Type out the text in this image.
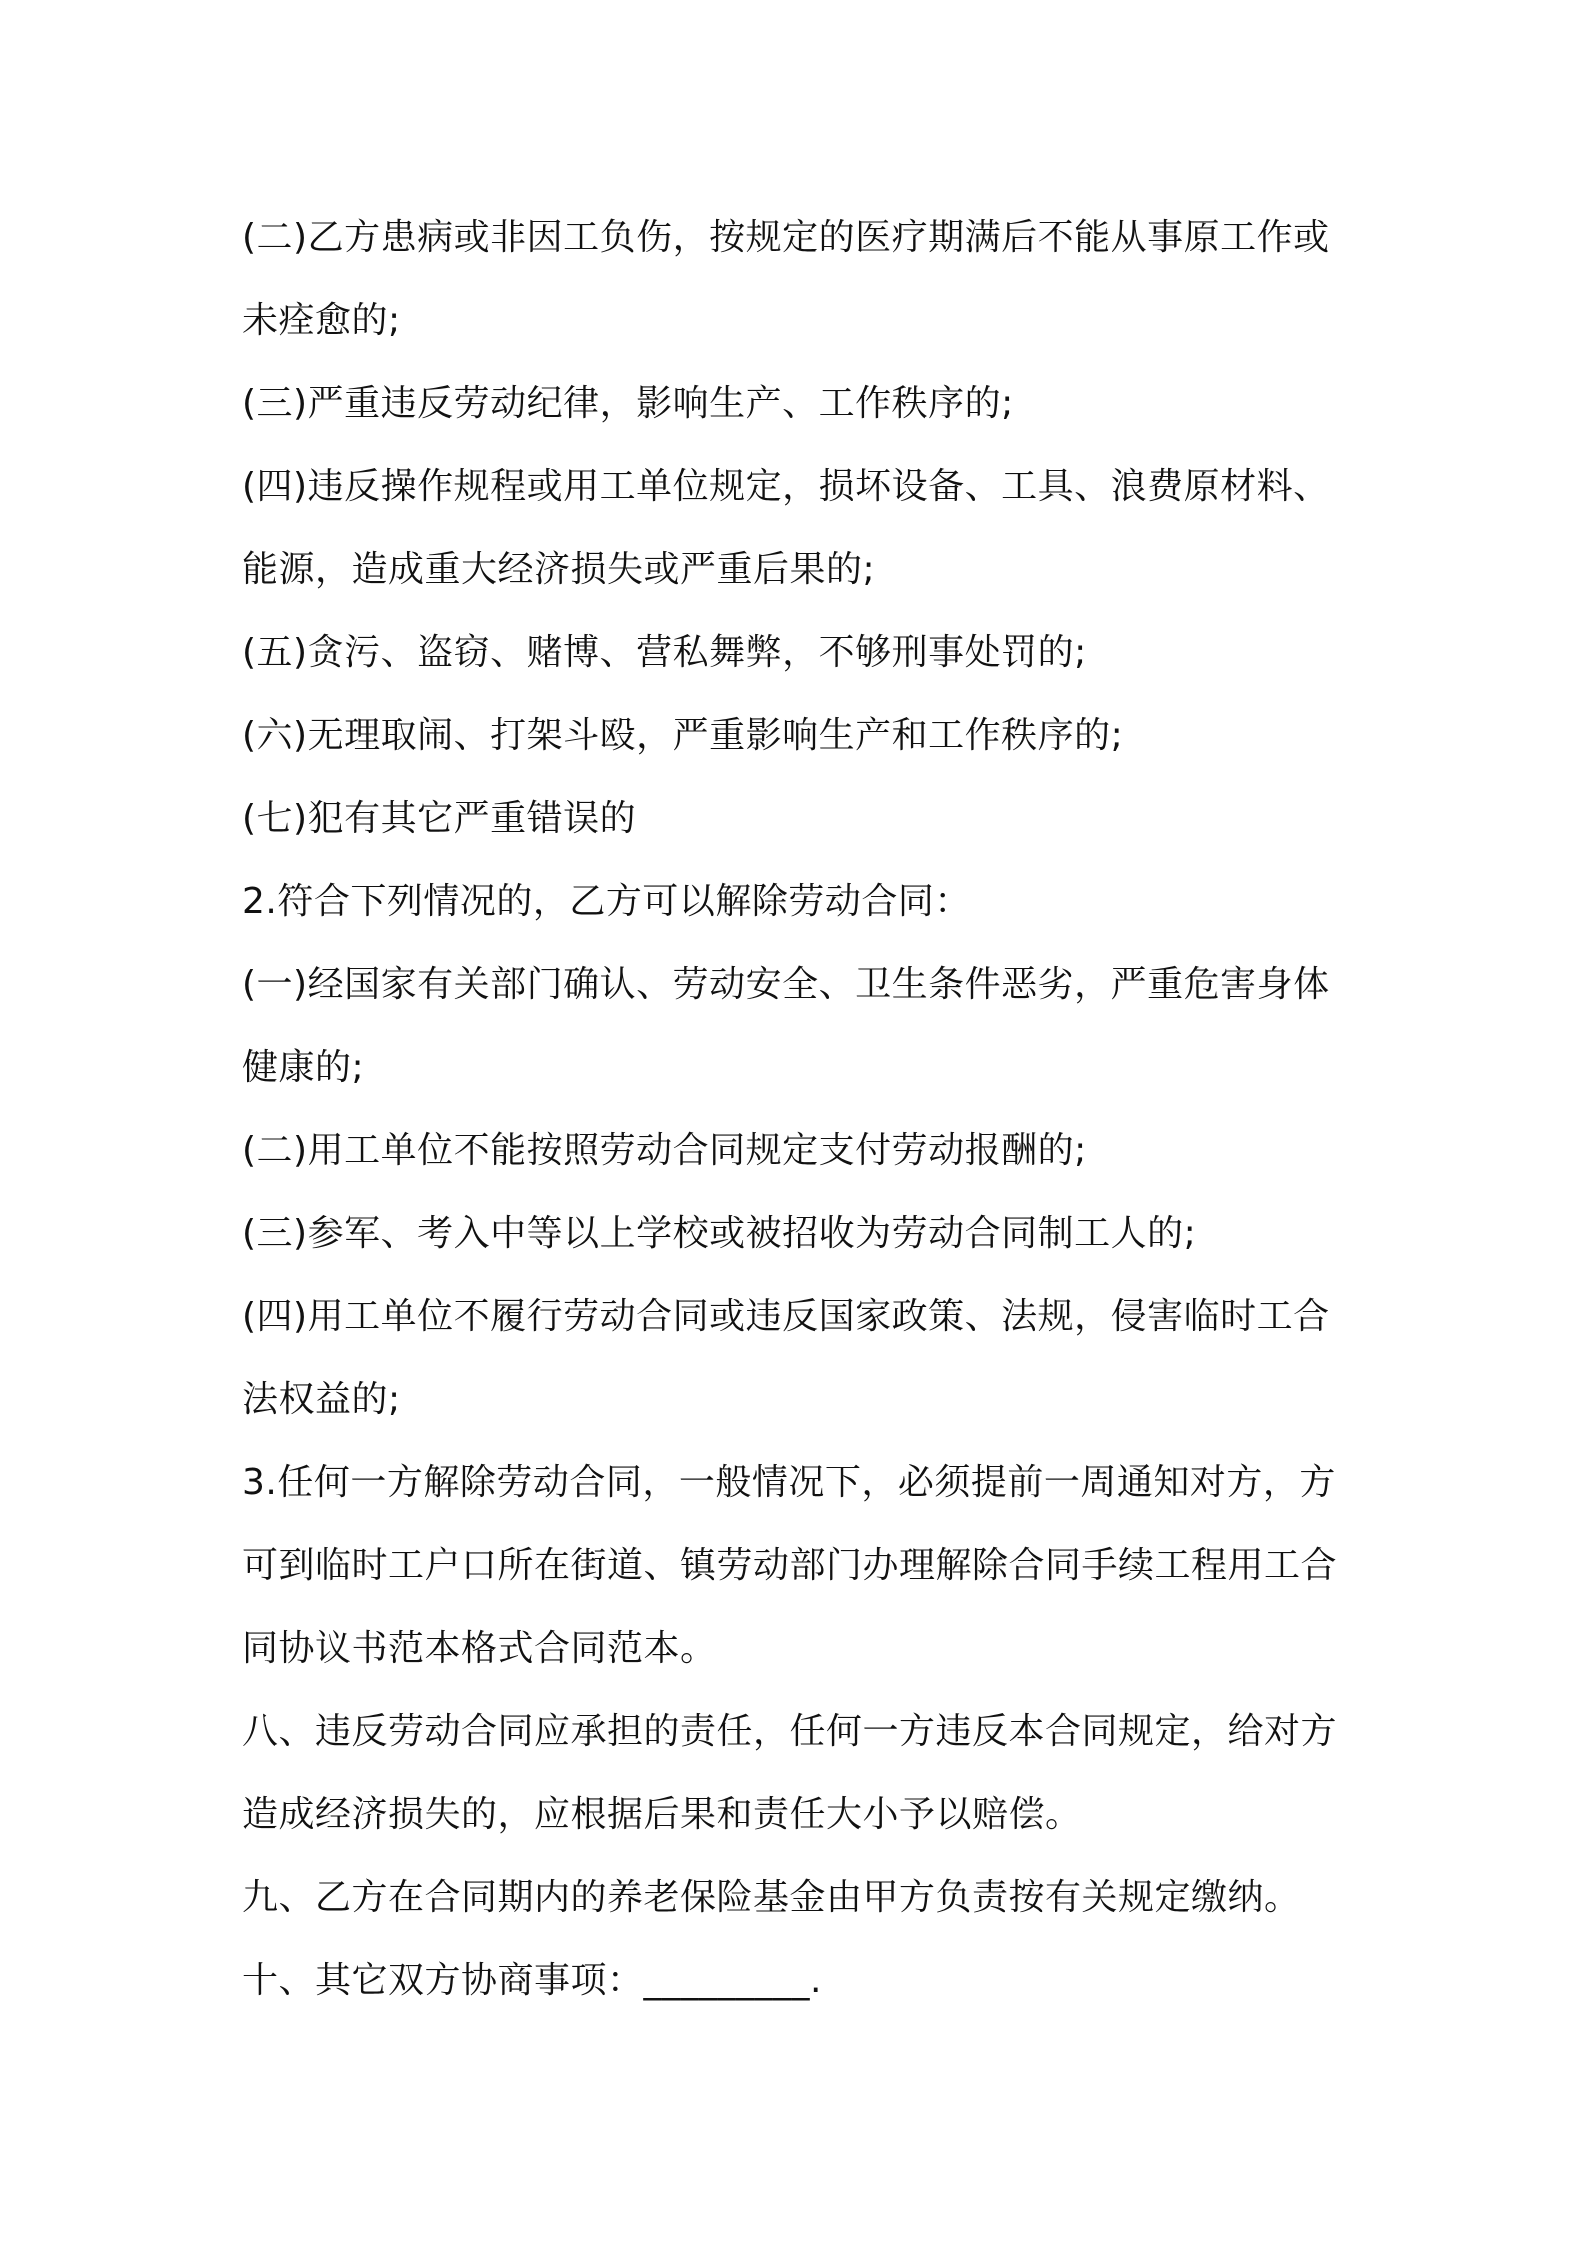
(二)乙方患病或非因工负伤，按规定的医疗期满后不能从事原工作或
未痊愈的;
(三)严重违反劳动纪律，影响生产、工作秩序的;
(四)违反操作规程或用工单位规定，损坏设备、工具、浪费原材料、
能源，造成重大经济损失或严重后果的;
(五)贪污、盗窃、赌博、营私舞弊，不够刑事处罚的;
(六)无理取闹、打架斗殴，严重影响生产和工作秩序的;
(七)犯有其它严重错误的
2.符合下列情况的，乙方可以解除劳动合同：
(一)经国家有关部门确认、劳动安全、卫生条件恶劣，严重危害身体
健康的;
(二)用工单位不能按照劳动合同规定支付劳动报酬的;
(三)参军、考入中等以上学校或被招收为劳动合同制工人的;
(四)用工单位不履行劳动合同或违反国家政策、法规，侵害临时工合
法权益的;
3.任何一方解除劳动合同，一般情况下，必须提前一周通知对方，方
可到临时工户口所在街道、镇劳动部门办理解除合同手续工程用工合
同协议书范本格式合同范本。
八、违反劳动合同应承担的责任，任何一方违反本合同规定，给对方
造成经济损失的，应根据后果和责任大小予以赔偿。
九、乙方在合同期内的养老保险基金由甲方负责按有关规定缴纳。
十、其它双方协商事项：_________.
